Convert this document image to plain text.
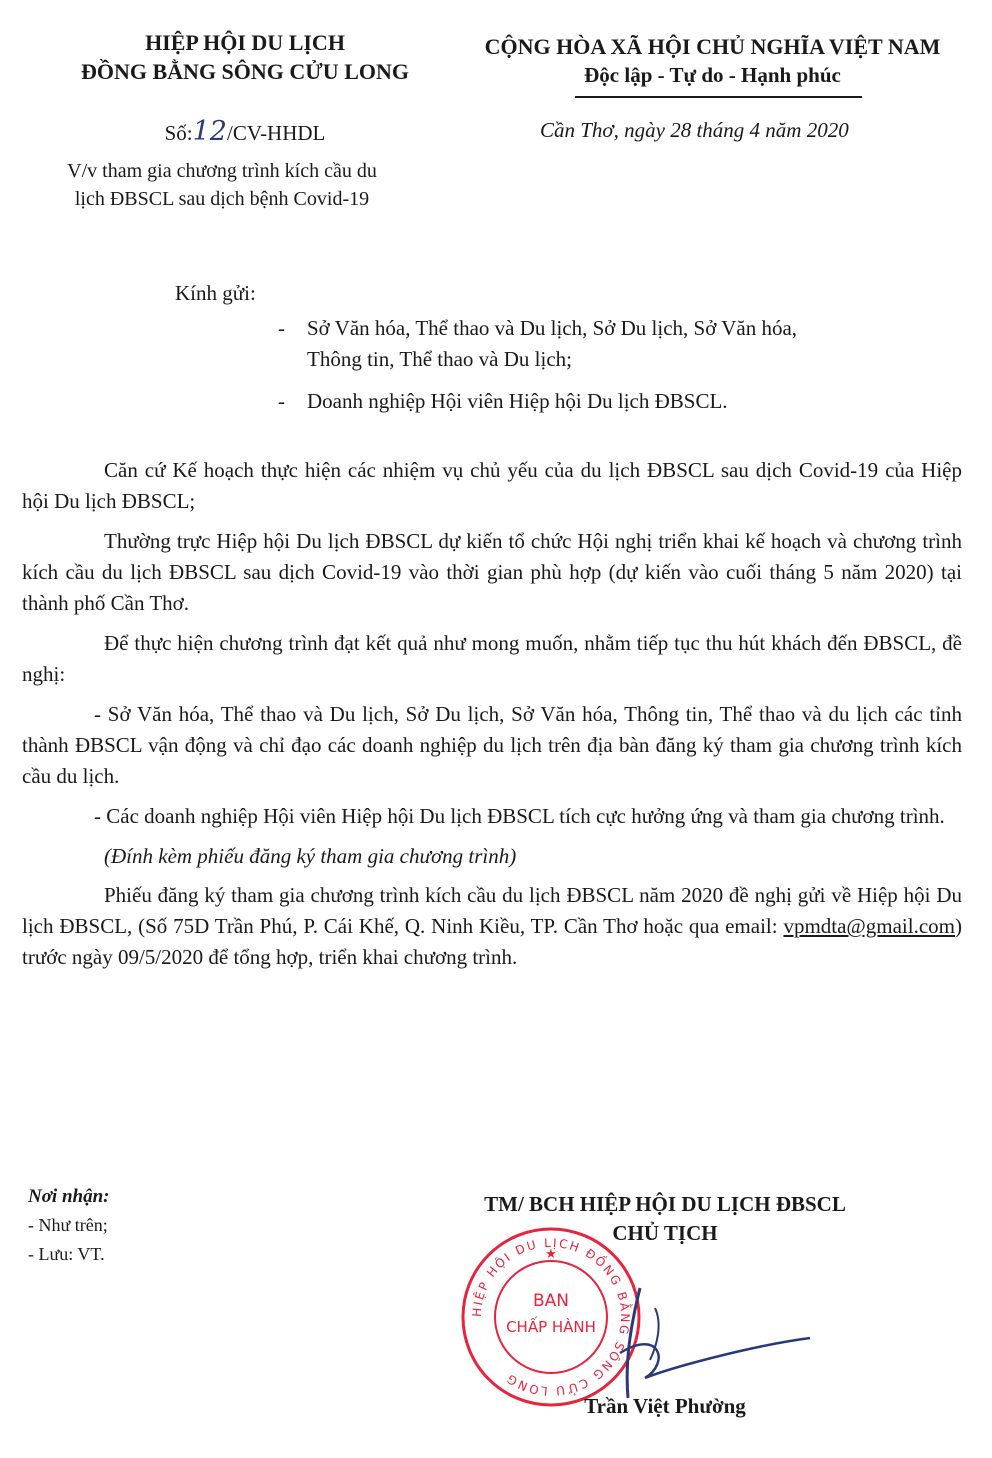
HIỆP HỘI DU LỊCH
ĐỒNG BẰNG SÔNG CỬU LONG
CỘNG HÒA XÃ HỘI CHỦ NGHĨA VIỆT NAM
Độc lập - Tự do - Hạnh phúc
Số:12/CV-HHDL	Cần Thơ, ngày 28 tháng 4 năm 2020
V/v tham gia chương trình kích cầu du
lịch ĐBSCL sau dịch bệnh Covid-19
Kính gửi:
- Sở Văn hóa, Thể thao và Du lịch, Sở Du lịch, Sở Văn hóa,
Thông tin, Thể thao và Du lịch;
- Doanh nghiệp Hội viên Hiệp hội Du lịch ĐBSCL.

Căn cứ Kế hoạch thực hiện các nhiệm vụ chủ yếu của du lịch ĐBSCL sau dịch Covid-19 của Hiệp hội Du lịch ĐBSCL;

Thường trực Hiệp hội Du lịch ĐBSCL dự kiến tổ chức Hội nghị triển khai kế hoạch và chương trình kích cầu du lịch ĐBSCL sau dịch Covid-19 vào thời gian phù hợp (dự kiến vào cuối tháng 5 năm 2020) tại thành phố Cần Thơ.

Để thực hiện chương trình đạt kết quả như mong muốn, nhằm tiếp tục thu hút khách đến ĐBSCL, đề nghị:

- Sở Văn hóa, Thể thao và Du lịch, Sở Du lịch, Sở Văn hóa, Thông tin, Thể thao và du lịch các tỉnh thành ĐBSCL vận động và chỉ đạo các doanh nghiệp du lịch trên địa bàn đăng ký tham gia chương trình kích cầu du lịch.

- Các doanh nghiệp Hội viên Hiệp hội Du lịch ĐBSCL tích cực hưởng ứng và tham gia chương trình.

(Đính kèm phiếu đăng ký tham gia chương trình)

Phiếu đăng ký tham gia chương trình kích cầu du lịch ĐBSCL năm 2020 đề nghị gửi về Hiệp hội Du lịch ĐBSCL, (Số 75D Trần Phú, P. Cái Khế, Q. Ninh Kiều, TP. Cần Thơ hoặc qua email: vpmdta@gmail.com) trước ngày 09/5/2020 để tổng hợp, triển khai chương trình.

Nơi nhận:
- Như trên;
- Lưu: VT.
TM/ BCH HIỆP HỘI DU LỊCH ĐBSCL
CHỦ TỊCH
HIỆP HỘI DU LỊCH ĐỒNG BẰNG SÔNG CỬU LONG
BAN
CHẤP HÀNH
★
Trần Việt Phường
